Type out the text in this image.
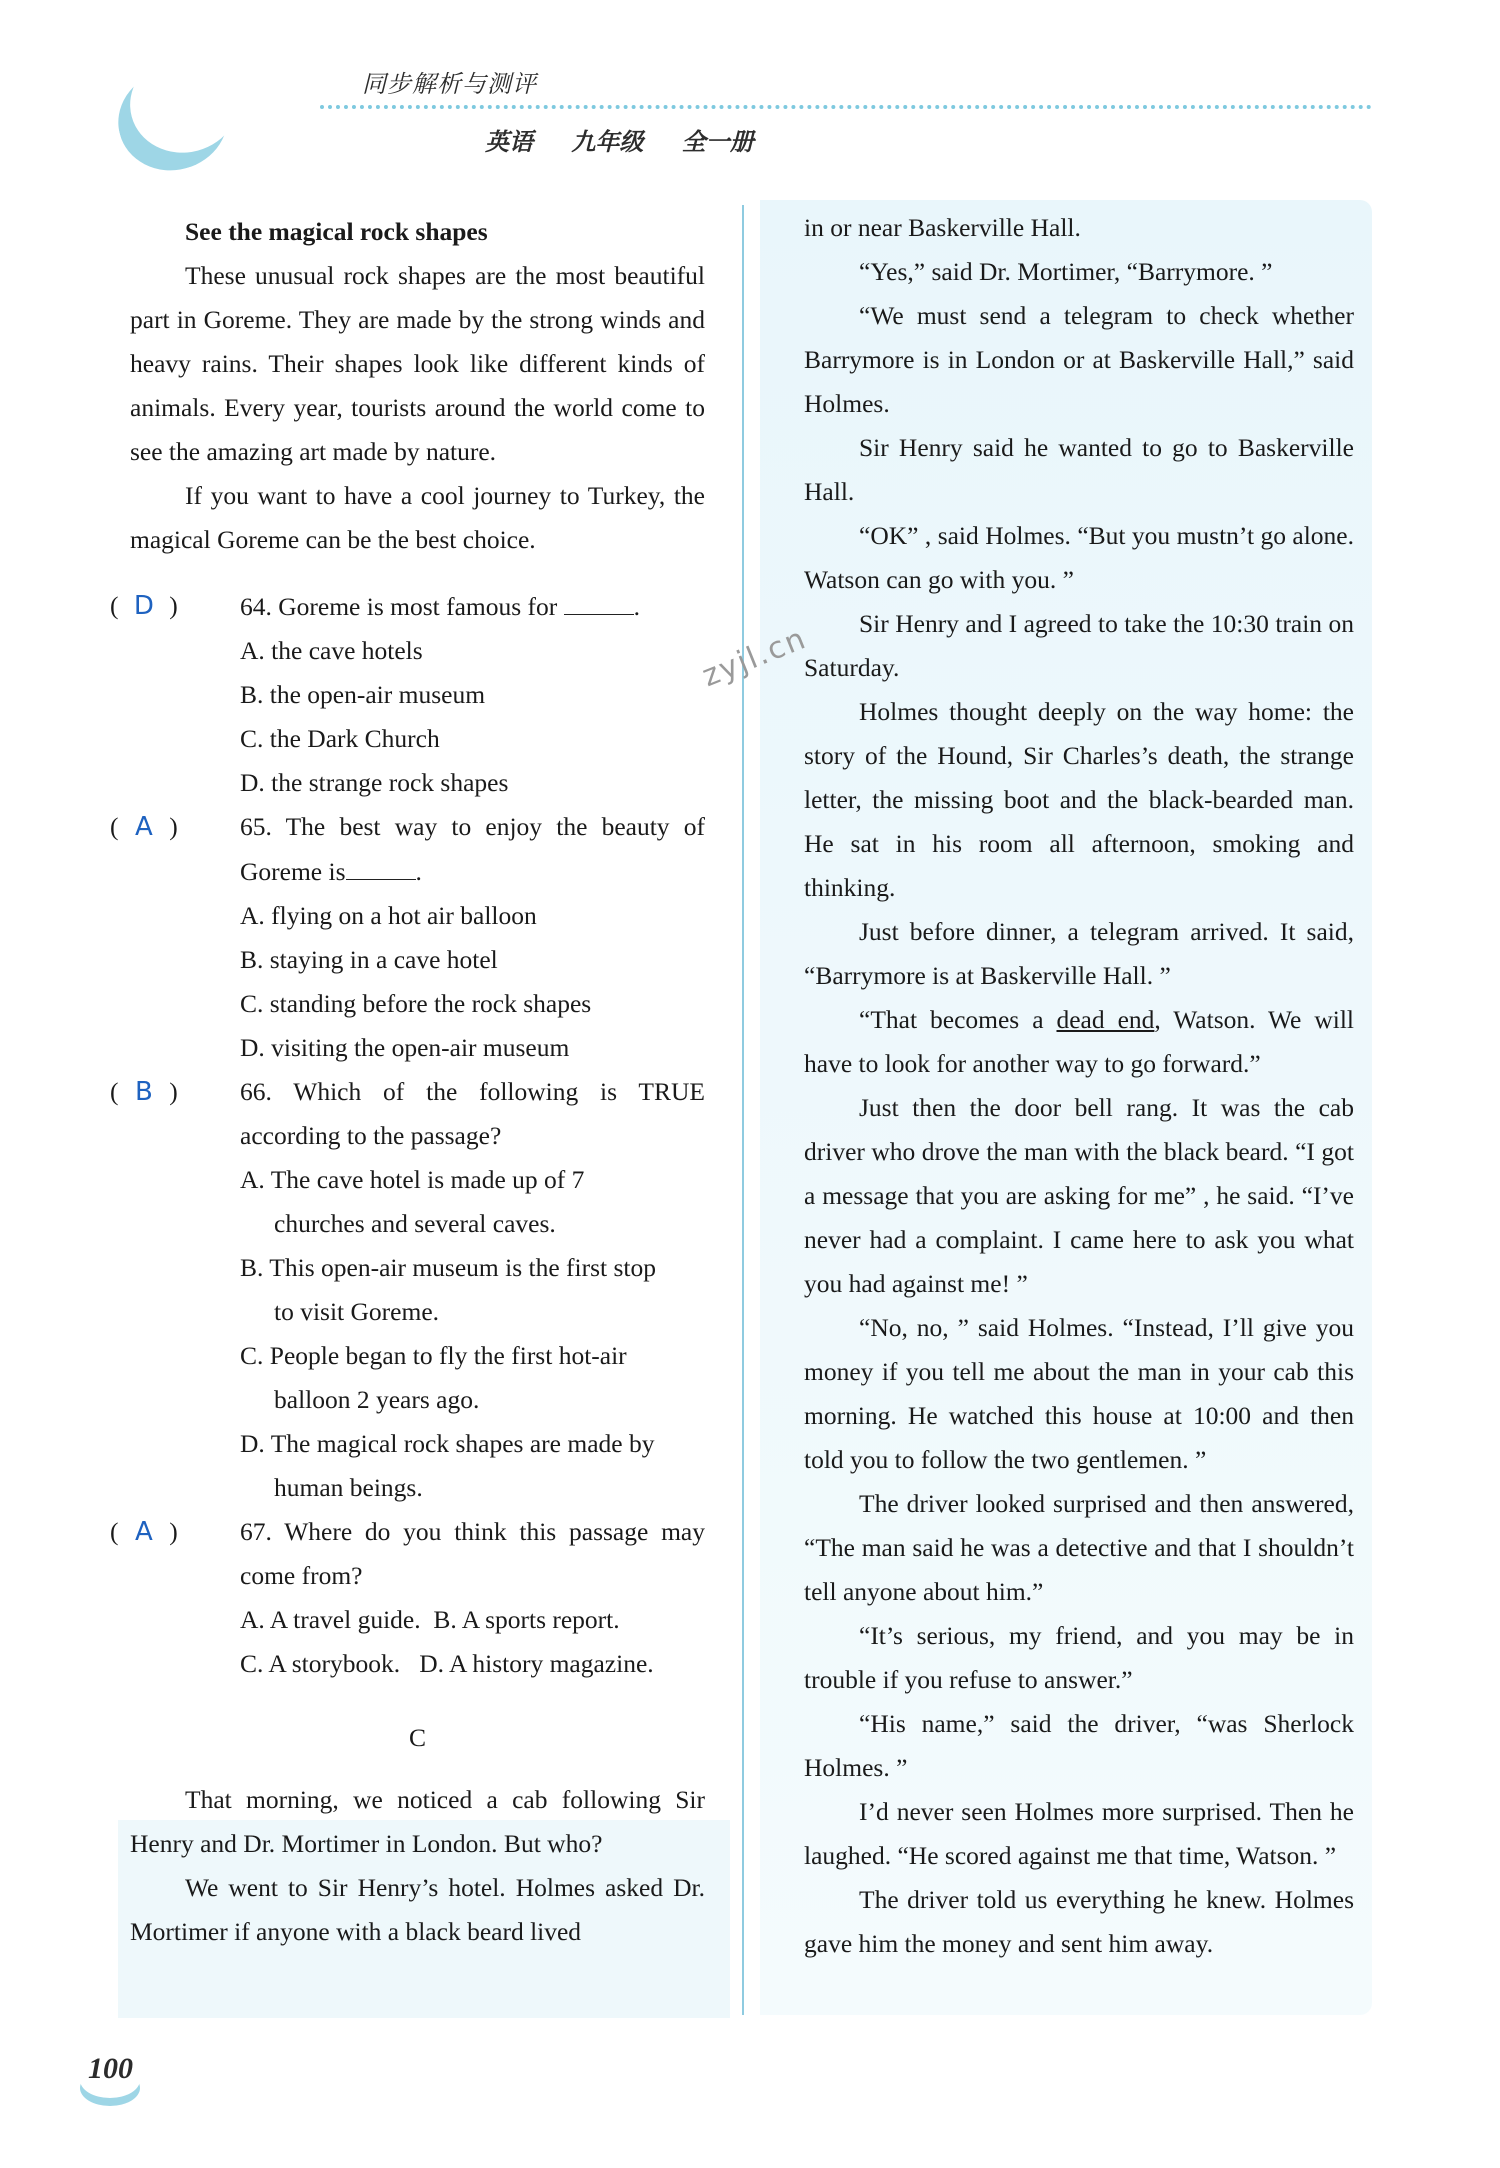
同步解析与测评
英语 九年级 全一册

See the magical rock shapes

These unusual rock shapes are the most beautiful part in Goreme. They are made by the strong winds and heavy rains. Their shapes look like different kinds of animals. Every year, tourists around the world come to see the amazing art made by nature.

If you want to have a cool journey to Turkey, the magical Goreme can be the best choice.

( D ) 64. Goreme is most famous for	.
A. the cave hotels
B. the open-air museum
C. the Dark Church
D. the strange rock shapes
( A ) 65. The best way to enjoy the beauty of Goreme is	.
A. flying on a hot air balloon
B. staying in a cave hotel
C. standing before the rock shapes
D. visiting the open-air museum
( B ) 66. Which of the following is TRUE according to the passage?
A. The cave hotel is made up of 7
churches and several caves.
B. This open-air museum is the first stop
to visit Goreme.
C. People began to fly the first hot-air
balloon 2 years ago.
D. The magical rock shapes are made by
human beings.
( A ) 67. Where do you think this passage may come from?
A. A travel guide.  B. A sports report.
C. A storybook.   D. A history magazine.
C

That morning, we noticed a cab following Sir Henry and Dr. Mortimer in London. But who?

We went to Sir Henry’s hotel. Holmes asked Dr. Mortimer if anyone with a black beard lived

in or near Baskerville Hall.

“Yes,” said Dr. Mortimer, “Barrymore. ”

“We must send a telegram to check whether Barrymore is in London or at Baskerville Hall,” said Holmes.

Sir Henry said he wanted to go to Baskerville Hall.

“OK” , said Holmes. “But you mustn’t go alone. Watson can go with you. ”

Sir Henry and I agreed to take the 10:30 train on Saturday.

Holmes thought deeply on the way home: the story of the Hound, Sir Charles’s death, the strange letter, the missing boot and the black-bearded man. He sat in his room all afternoon, smoking and thinking.

Just before dinner, a telegram arrived. It said, “Barrymore is at Baskerville Hall. ”

“That becomes a dead end, Watson. We will have to look for another way to go forward.”

Just then the door bell rang. It was the cab driver who drove the man with the black beard. “I got a message that you are asking for me” , he said. “I’ve never had a complaint. I came here to ask you what you had against me! ”

“No, no, ” said Holmes. “Instead, I’ll give you money if you tell me about the man in your cab this morning. He watched this house at 10:00 and then told you to follow the two gentlemen. ”

The driver looked surprised and then answered, “The man said he was a detective and that I shouldn’t tell anyone about him.”

“It’s serious, my friend, and you may be in trouble if you refuse to answer.”

“His name,” said the driver, “was Sherlock Holmes. ”

I’d never seen Holmes more surprised. Then he laughed. “He scored against me that time, Watson. ”

The driver told us everything he knew. Holmes gave him the money and sent him away.

zyjl.cn
100
